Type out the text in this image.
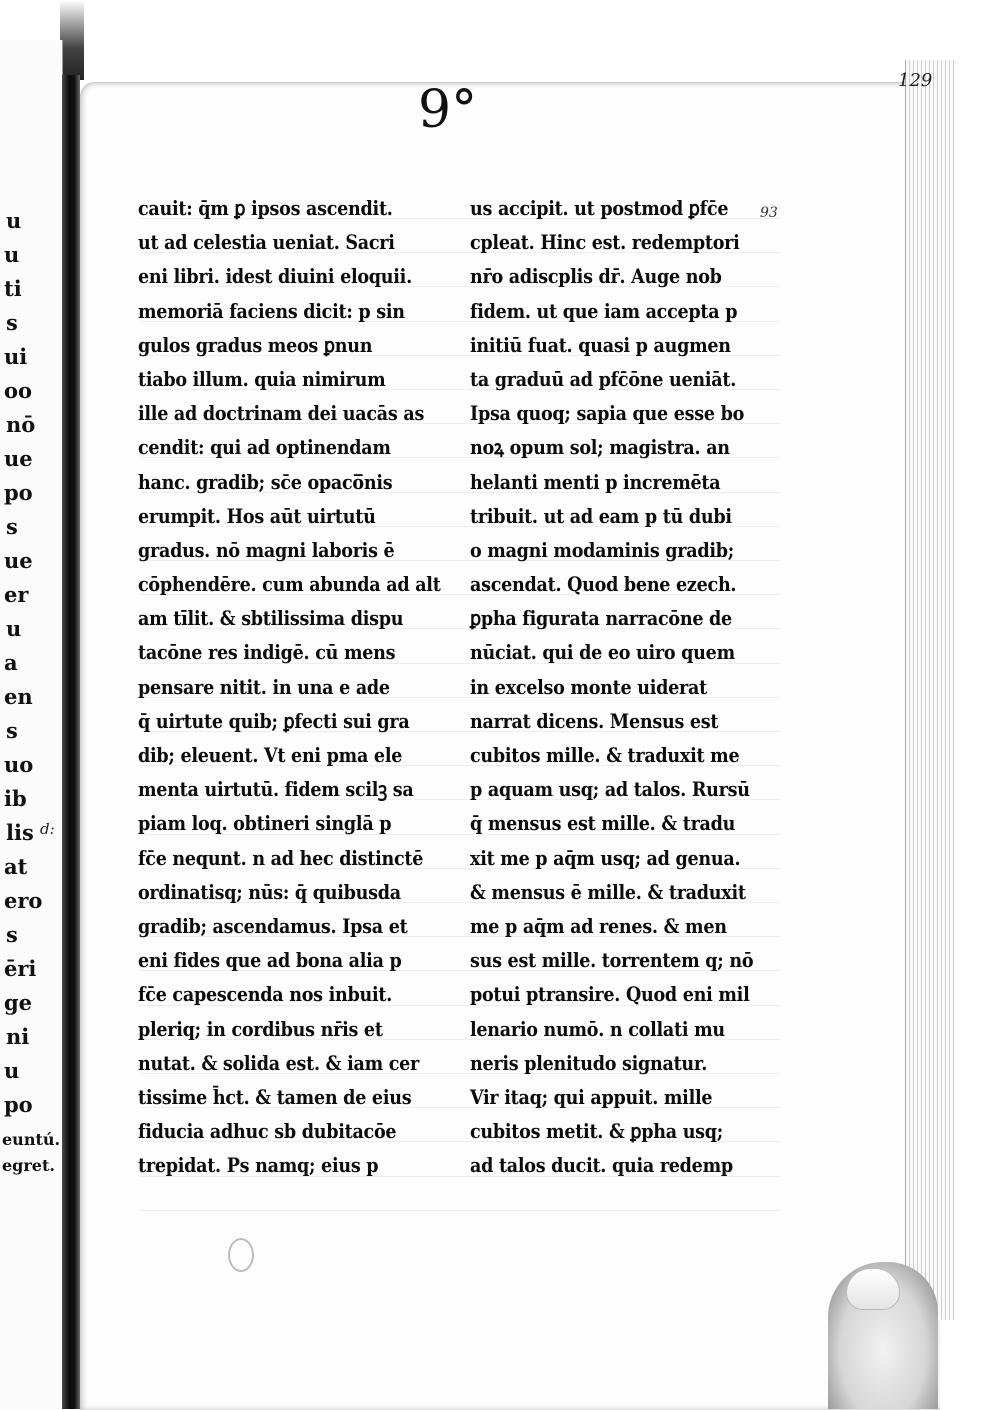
u
u
ti
s
ui
oo
nō
ue
po
s
ue
er
u
a
en
s
uo
ib
lis
at
ero
s
ēri
ge
ni
u
po
129
9°
93
d:
euntú.
egret.
cauit: q̄m ꝑ ipsos ascendit.
ut ad celestia ueniat. Sacri
eni libri. idest diuini eloquii.
memoriā faciens dicit: p sin
gulos gradus meos ꝑnun
tiabo illum. quia nimirum
ille ad doctrinam dei uacās as
cendit: qui ad optinendam
hanc. gradib; sc̄e opaco̅nis
erumpit. Hos aūt uirtutū
gradus. nō magni laboris ē
cōphendēre. cum abunda ad alt
am tīlit. & sbtilissima dispu
tacōne res indigē. cū mens
pensare nitit. in una e ade
q̄ uirtute quib; ꝑfecti sui gra
dib; eleuent. Vt eni pma ele
menta uirtutū. fidem scilꝫ sa
piam loq. obtineri singlā p
fc̄e nequnt. n ad hec distinctē
ordinatisq; nūs: q̄ quibusda
gradib; ascendamus. Ipsa et
eni fides que ad bona alia p
fc̄e capescenda nos inbuit.
pleriq; in cordibus nr̄is et
nutat. & solida est. & iam cer
tissime h̄ct. & tamen de eius
fiducia adhuc sb dubitacōe
trepidat. Ps namq; eius p
us accipit. ut postmod ꝑfc̄e
cpleat. Hinc est. redemptori
nr̄o adiscplis dr̄. Auge nob
fidem. ut que iam accepta p
initiū fuat. quasi p augmen
ta graduū ad pfc̄ōne ueniāt.
Ipsa quoq; sapia que esse bo
noꝝ opum sol; magistra. an
helanti menti p incremēta
tribuit. ut ad eam p tū dubi
o magni modaminis gradib;
ascendat. Quod bene ezech.
ꝑpha figurata narracōne de
nūciat. qui de eo uiro quem
in excelso monte uiderat
narrat dicens. Mensus est
cubitos mille. & traduxit me
p aquam usq; ad talos. Rursū
q̄ mensus est mille. & tradu
xit me p aq̄m usq; ad genua.
& mensus ē mille. & traduxit
me p aq̄m ad renes. & men
sus est mille. torrentem q; nō
potui ptransire. Quod eni mil
lenario numō. n collati mu
neris plenitudo signatur.
Vir itaq; qui appuit. mille
cubitos metit. & ꝑpha usq;
ad talos ducit. quia redemp
